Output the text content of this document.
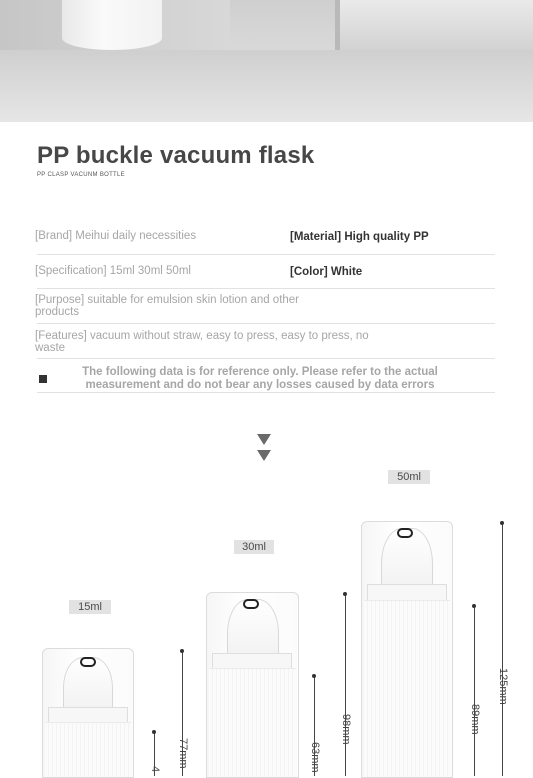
PP buckle vacuum flask
PP CLASP VACUNM BOTTLE
[Brand] Meihui daily necessities	[Material] High quality PP
[Specification] 15ml 30ml 50ml	[Color] White
[Purpose] suitable for emulsion skin lotion and other
products
[Features] vacuum without straw, easy to press, easy to press, no
waste
The following data is for reference only. Please refer to the actual
measurement and do not bear any losses caused by data errors
50ml
30ml
15ml
4
77mm	63mm
98mm	89mm
125mm
